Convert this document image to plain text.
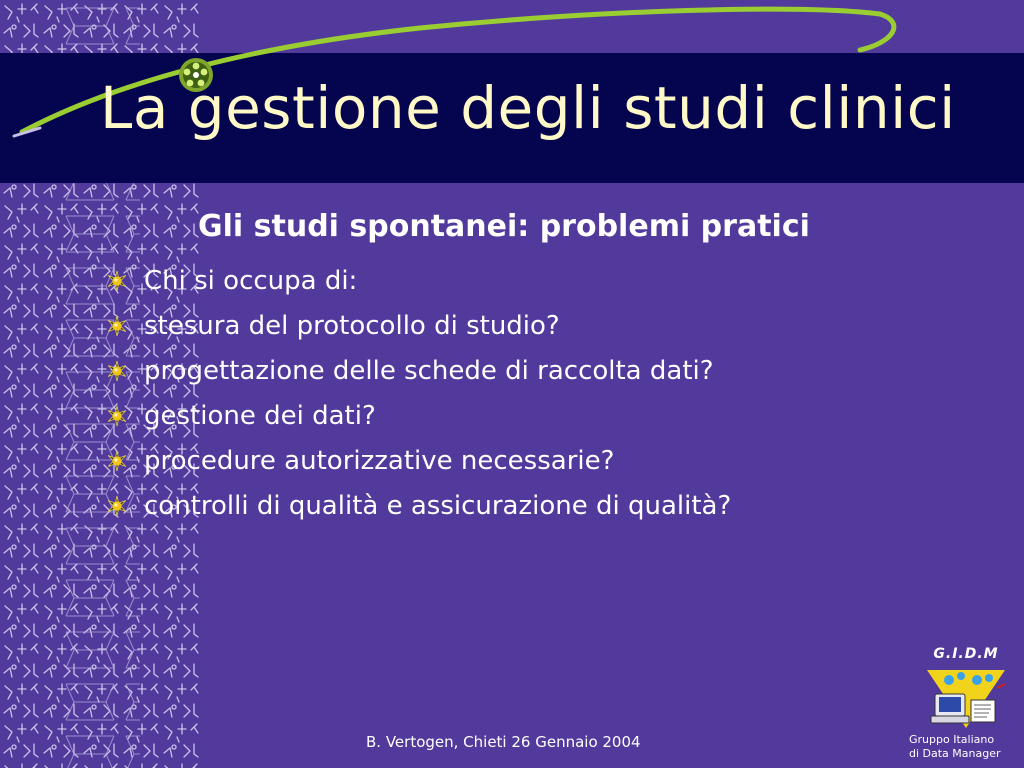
La gestione degli studi clinici
Gli studi spontanei: problemi pratici
Chi si occupa di:
stesura del protocollo di studio?
progettazione delle schede di raccolta dati?
gestione dei dati?
procedure autorizzative necessarie?
controlli di qualità e assicurazione di qualità?
B. Vertogen, Chieti 26 Gennaio 2004
G.I.D.M
Gruppo Italiano
di Data Manager
